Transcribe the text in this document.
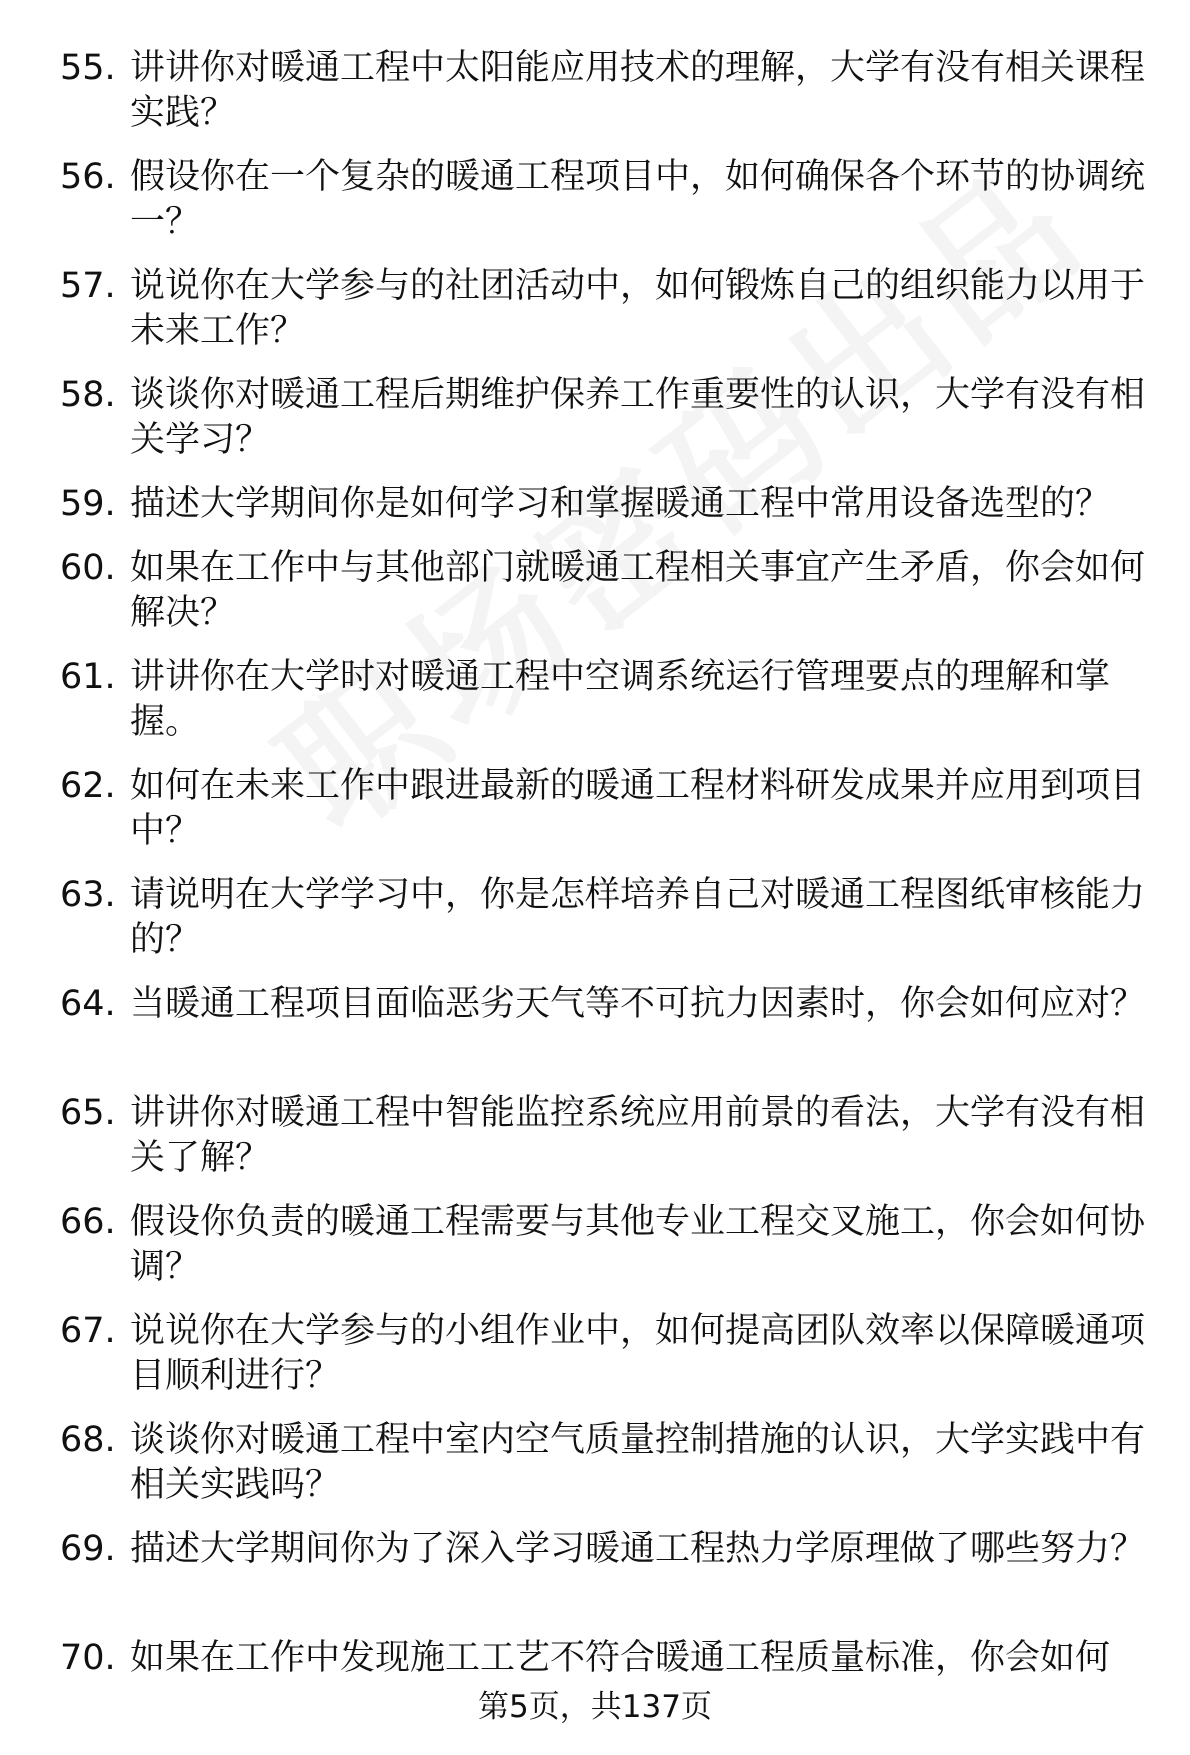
55. 讲讲你对暖通工程中太阳能应用技术的理解，大学有没有相关课程实践？
56. 假设你在一个复杂的暖通工程项目中，如何确保各个环节的协调统一？
57. 说说你在大学参与的社团活动中，如何锻炼自己的组织能力以用于未来工作？
58. 谈谈你对暖通工程后期维护保养工作重要性的认识，大学有没有相关学习？
59. 描述大学期间你是如何学习和掌握暖通工程中常用设备选型的？
60. 如果在工作中与其他部门就暖通工程相关事宜产生矛盾，你会如何解决？
61. 讲讲你在大学时对暖通工程中空调系统运行管理要点的理解和掌握。
62. 如何在未来工作中跟进最新的暖通工程材料研发成果并应用到项目中？
63. 请说明在大学学习中，你是怎样培养自己对暖通工程图纸审核能力的？
64. 当暖通工程项目面临恶劣天气等不可抗力因素时，你会如何应对？
65. 讲讲你对暖通工程中智能监控系统应用前景的看法，大学有没有相关了解？
66. 假设你负责的暖通工程需要与其他专业工程交叉施工，你会如何协调？
67. 说说你在大学参与的小组作业中，如何提高团队效率以保障暖通项目顺利进行？
68. 谈谈你对暖通工程中室内空气质量控制措施的认识，大学实践中有相关实践吗？
69. 描述大学期间你为了深入学习暖通工程热力学原理做了哪些努力？
70. 如果在工作中发现施工工艺不符合暖通工程质量标准，你会如何
第5页，共137页
